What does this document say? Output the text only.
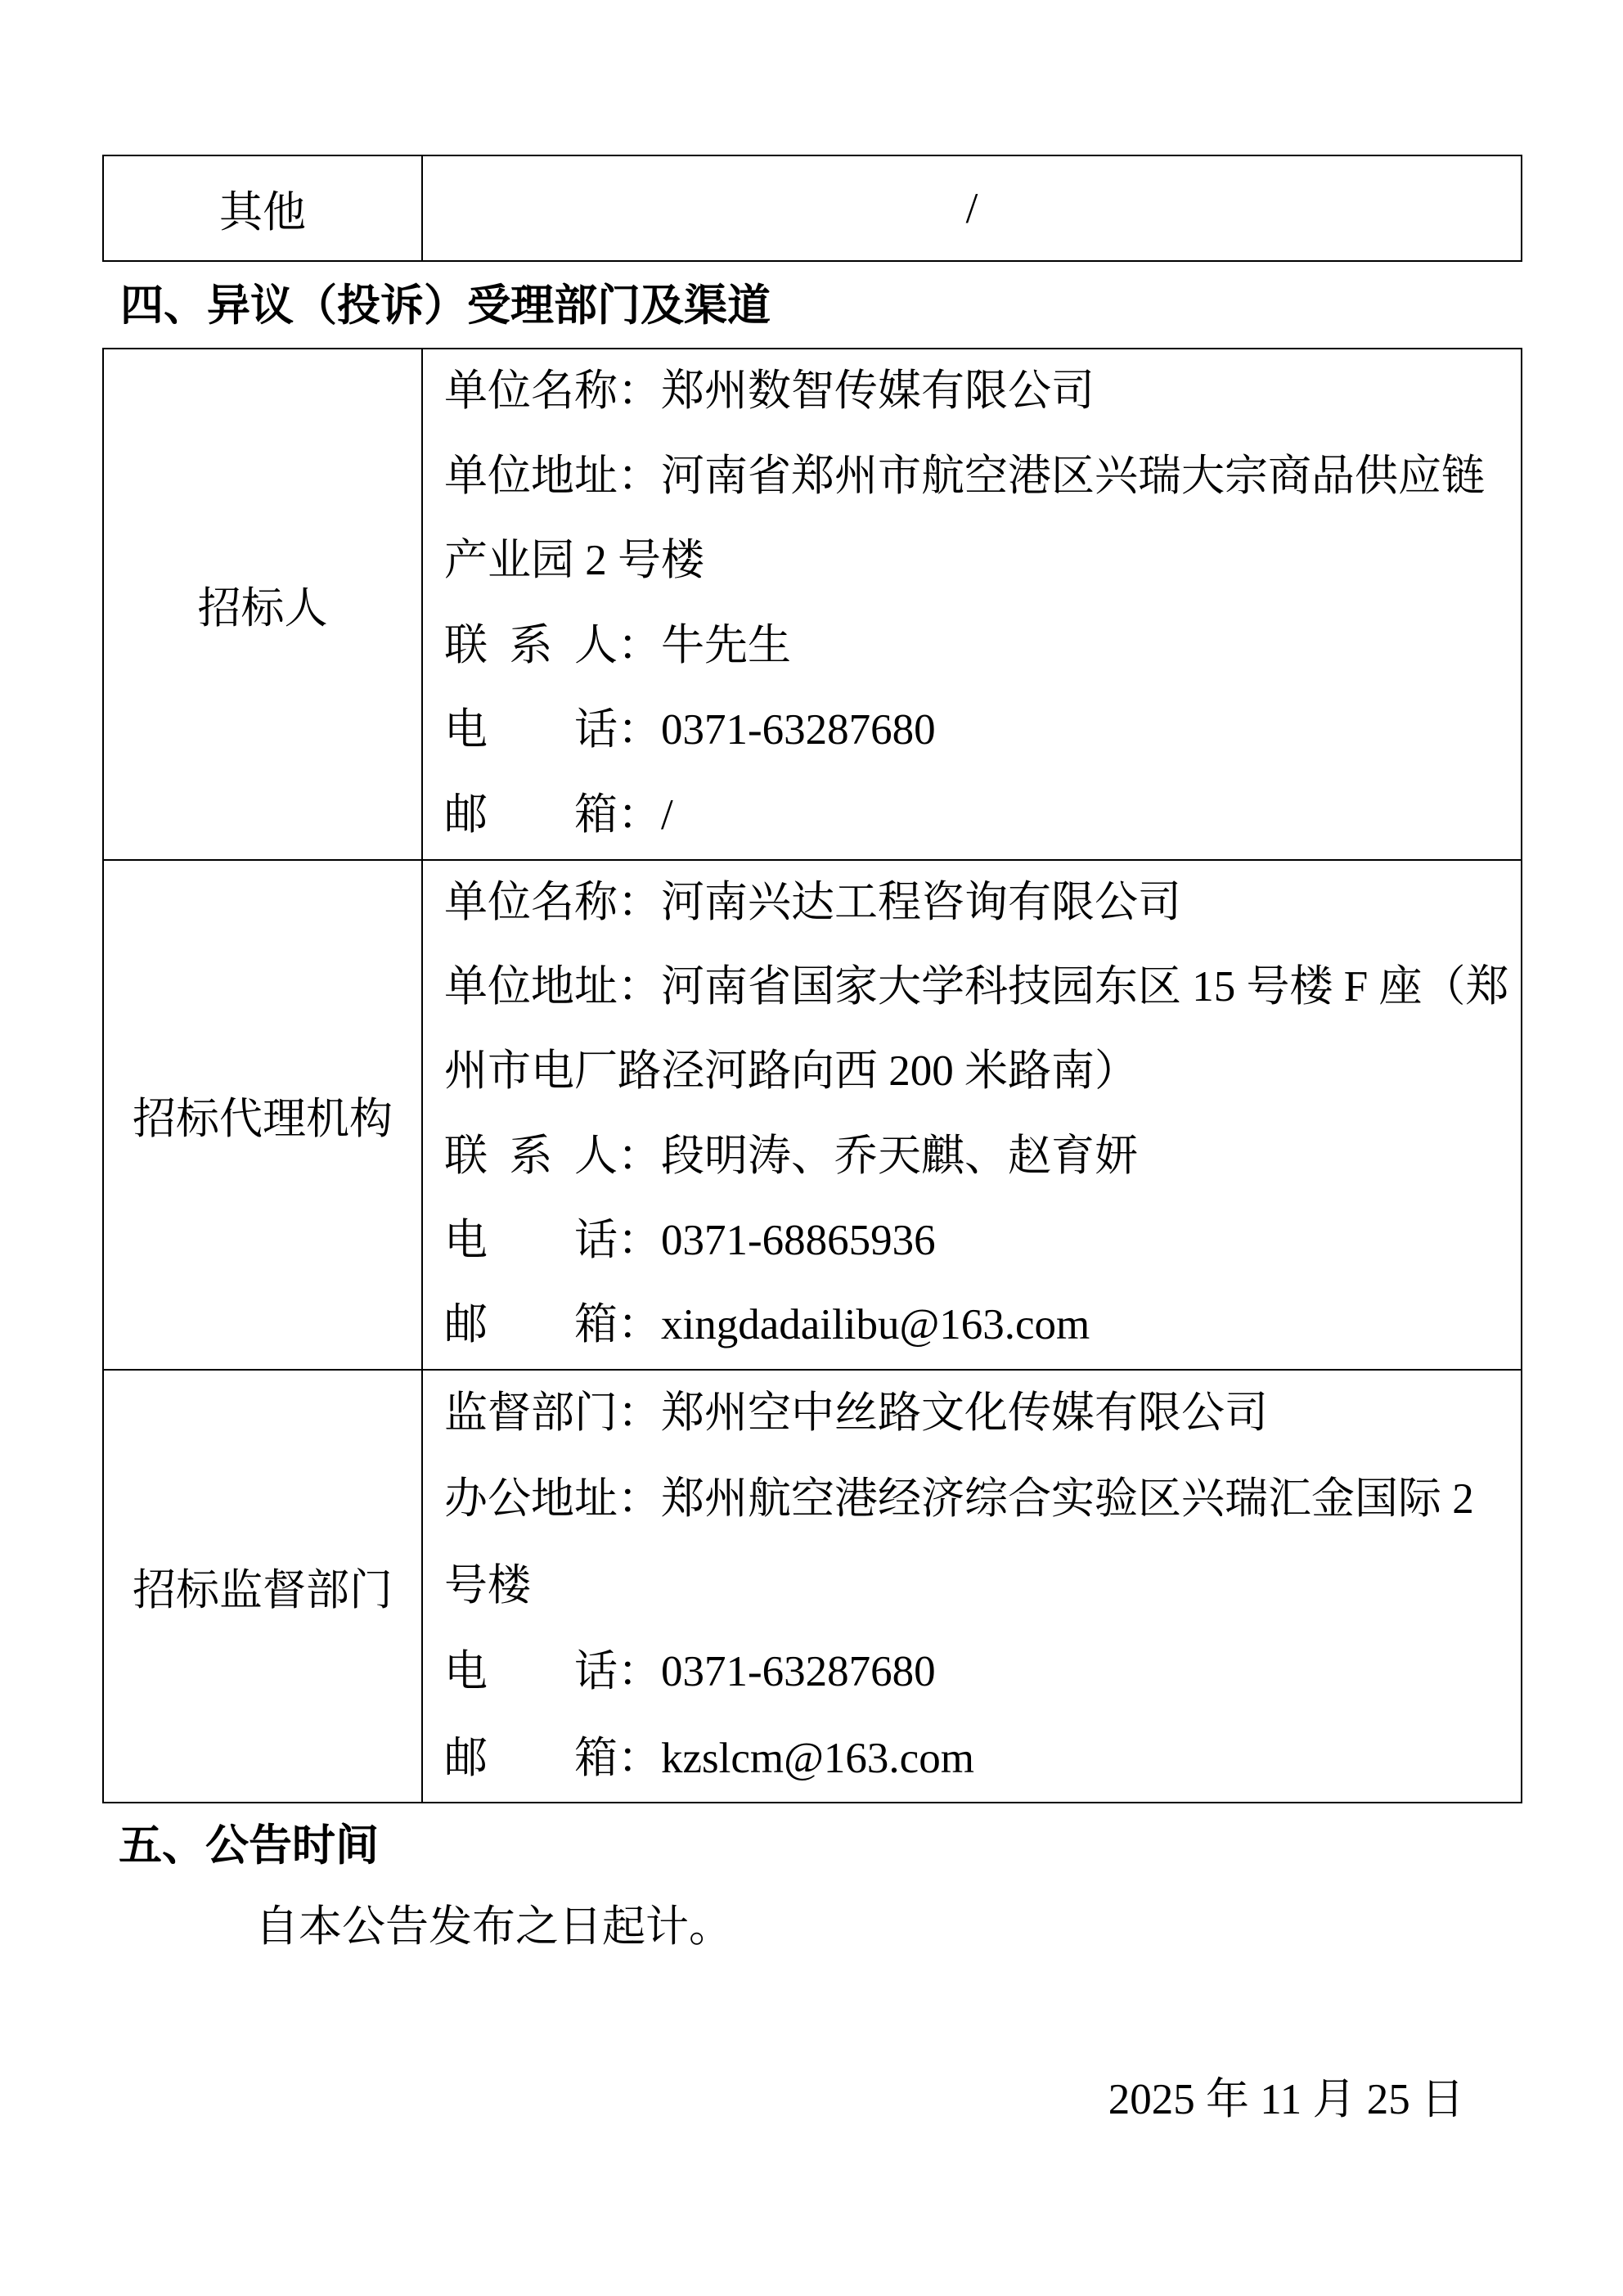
其他	/
四、异议（投诉）受理部门及渠道
招标人
单位名称：郑州数智传媒有限公司
单位地址：河南省郑州市航空港区兴瑞大宗商品供应链
产业园 2 号楼
联系人：牛先生
电话：0371-63287680
邮箱：/
招标代理机构
单位名称：河南兴达工程咨询有限公司
单位地址：河南省国家大学科技园东区 15 号楼 F 座（郑
州市电厂路泾河路向西 200 米路南）
联系人：段明涛、乔天麒、赵育妍
电话：0371-68865936
邮箱：xingdadailibu@163.com
招标监督部门
监督部门：郑州空中丝路文化传媒有限公司
办公地址：郑州航空港经济综合实验区兴瑞汇金国际 2
号楼
电话：0371-63287680
邮箱：kzslcm@163.com
五、公告时间
自本公告发布之日起计。
2025 年 11 月 25 日
